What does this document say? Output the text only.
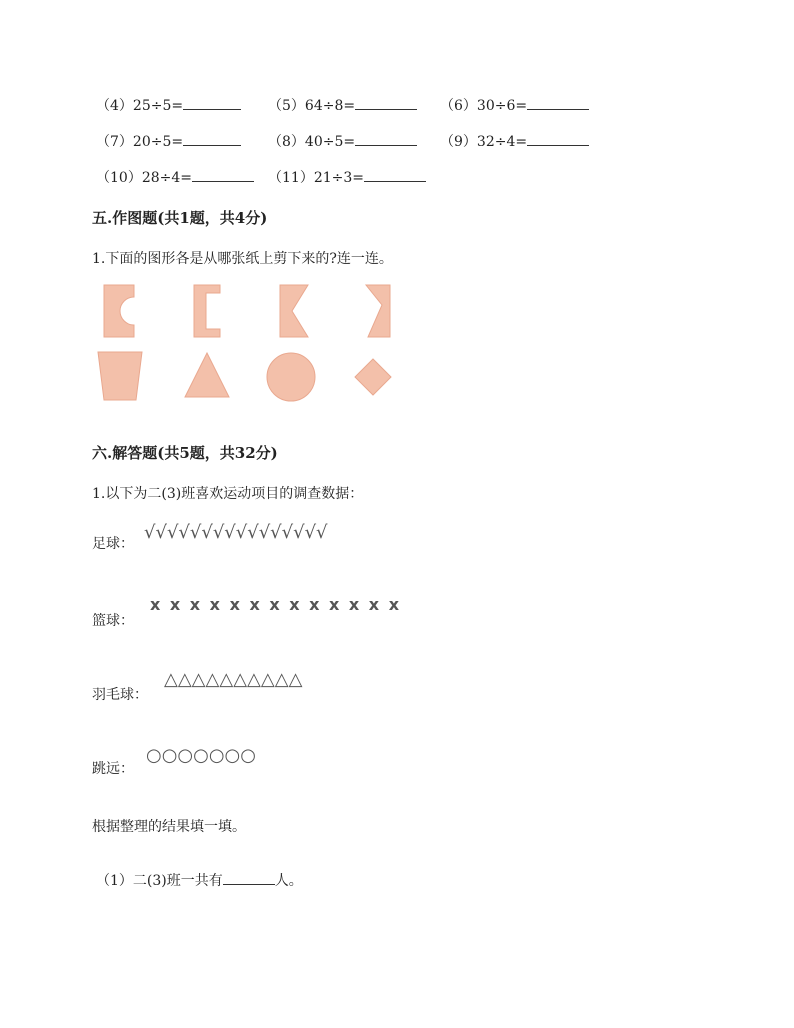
（4）25÷5=	（5）64÷8=	（6）30÷6=
（7）20÷5=	（8）40÷5=	（9）32÷4=
（10）28÷4=	（11）21÷3=
五.作图题(共1题，共4分)
1.下面的图形各是从哪张纸上剪下来的?连一连。
六.解答题(共5题，共32分)
1.以下为二(3)班喜欢运动项目的调查数据：
足球：
√√√√√√√√√√√√√√√√
篮球：
x x x x x x x x x x x x x
羽毛球：
△△△△△△△△△△
跳远：
○○○○○○○
根据整理的结果填一填。
（1）二(3)班一共有	人。
